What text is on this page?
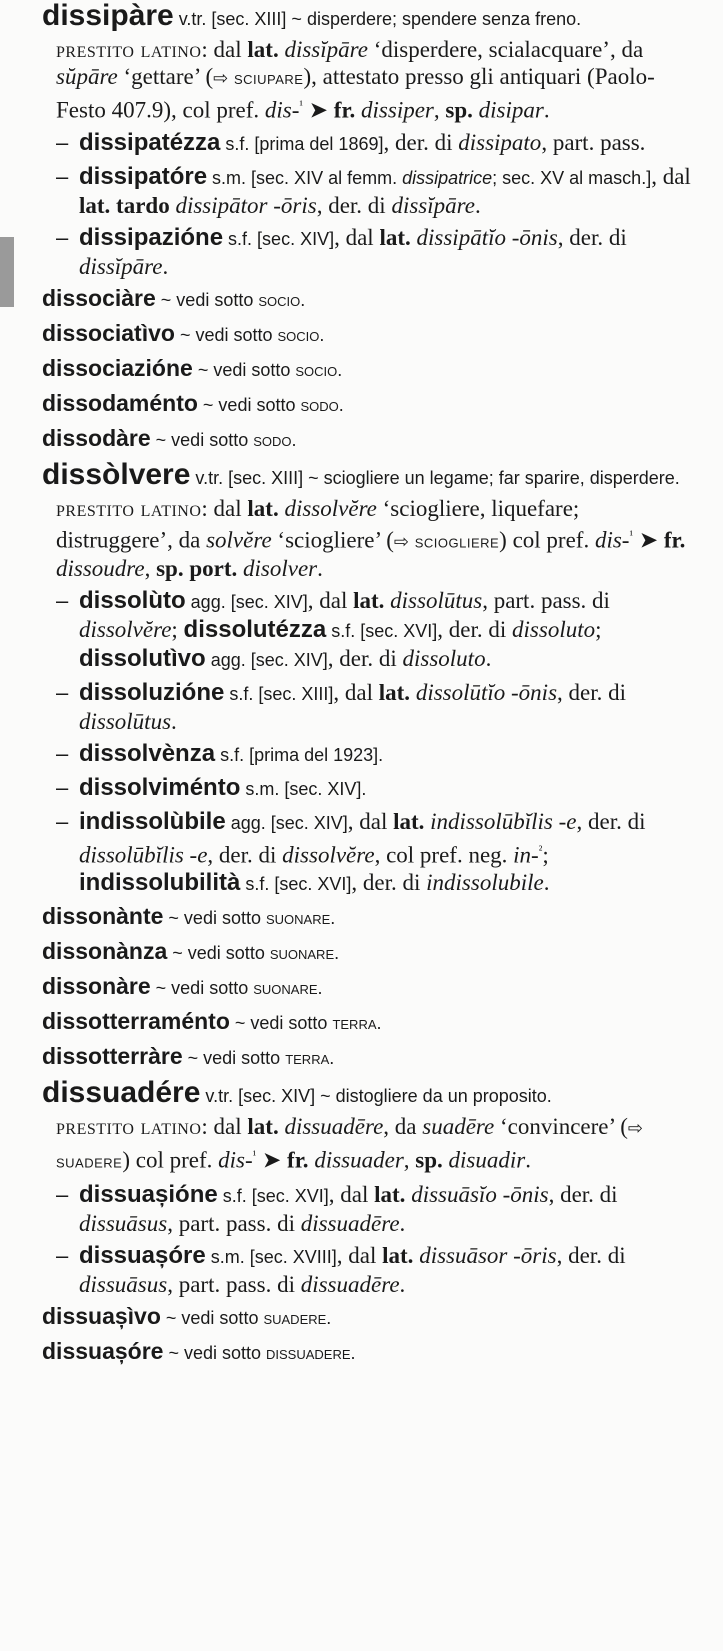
dissipàre v.tr. [sec. XIII] ~ disperdere; spendere senza freno.
prestito latino: dal lat. dissĭpāre ‘disperdere, scialacquare’, da sŭpāre ‘gettare’ (⇨ sciupare), attestato presso gli antiquari (Paolo-Festo 407.9), col pref. dis-$^{^1}$ ➤ fr. dissiper, sp. disipar.
– dissipatézza s.f. [prima del 1869], der. di dissipato, part. pass.
– dissipatóre s.m. [sec. XIV al femm. dissipatrice; sec. XV al masch.], dal lat. tardo dissipātor -ōris, der. di dissĭpāre.
– dissipazióne s.f. [sec. XIV], dal lat. dissipātĭo -ōnis, der. di dissĭpāre.
dissociàre ~ vedi sotto socio.
dissociatìvo ~ vedi sotto socio.
dissociazióne ~ vedi sotto socio.
dissodaménto ~ vedi sotto sodo.
dissodàre ~ vedi sotto sodo.
dissòlvere v.tr. [sec. XIII] ~ sciogliere un legame; far sparire, disperdere.
prestito latino: dal lat. dissolvĕre ‘sciogliere, liquefare; distruggere’, da solvĕre ‘sciogliere’ (⇨ sciogliere) col pref. dis-$^{^1}$ ➤ fr. dissoudre, sp. port. disolver.
– dissolùto agg. [sec. XIV], dal lat. dissolūtus, part. pass. di dissolvĕre; dissolutézza s.f. [sec. XVI], der. di dissoluto; dissolutìvo agg. [sec. XIV], der. di dissoluto.
– dissoluzióne s.f. [sec. XIII], dal lat. dissolūtĭo -ōnis, der. di dissolūtus.
– dissolvènza s.f. [prima del 1923].
– dissolviménto s.m. [sec. XIV].
– indissolùbile agg. [sec. XIV], dal lat. indissolūbĭlis -e, der. di dissolūbĭlis -e, der. di dissolvĕre, col pref. neg. in-$^{^2}$; indissolubilità s.f. [sec. XVI], der. di indissolubile.
dissonànte ~ vedi sotto suonare.
dissonànza ~ vedi sotto suonare.
dissonàre ~ vedi sotto suonare.
dissotterraménto ~ vedi sotto terra.
dissotterràre ~ vedi sotto terra.
dissuadére v.tr. [sec. XIV] ~ distogliere da un proposito.
prestito latino: dal lat. dissuadēre, da suadēre ‘convincere’ (⇨ suadere) col pref. dis-$^{^1}$ ➤ fr. dissuader, sp. disuadir.
– dissuașióne s.f. [sec. XVI], dal lat. dissuāsĭo -ōnis, der. di dissuāsus, part. pass. di dissuadēre.
– dissuașóre s.m. [sec. XVIII], dal lat. dissuāsor -ōris, der. di dissuāsus, part. pass. di dissuadēre.
dissuașìvo ~ vedi sotto suadere.
dissuașóre ~ vedi sotto dissuadere.
